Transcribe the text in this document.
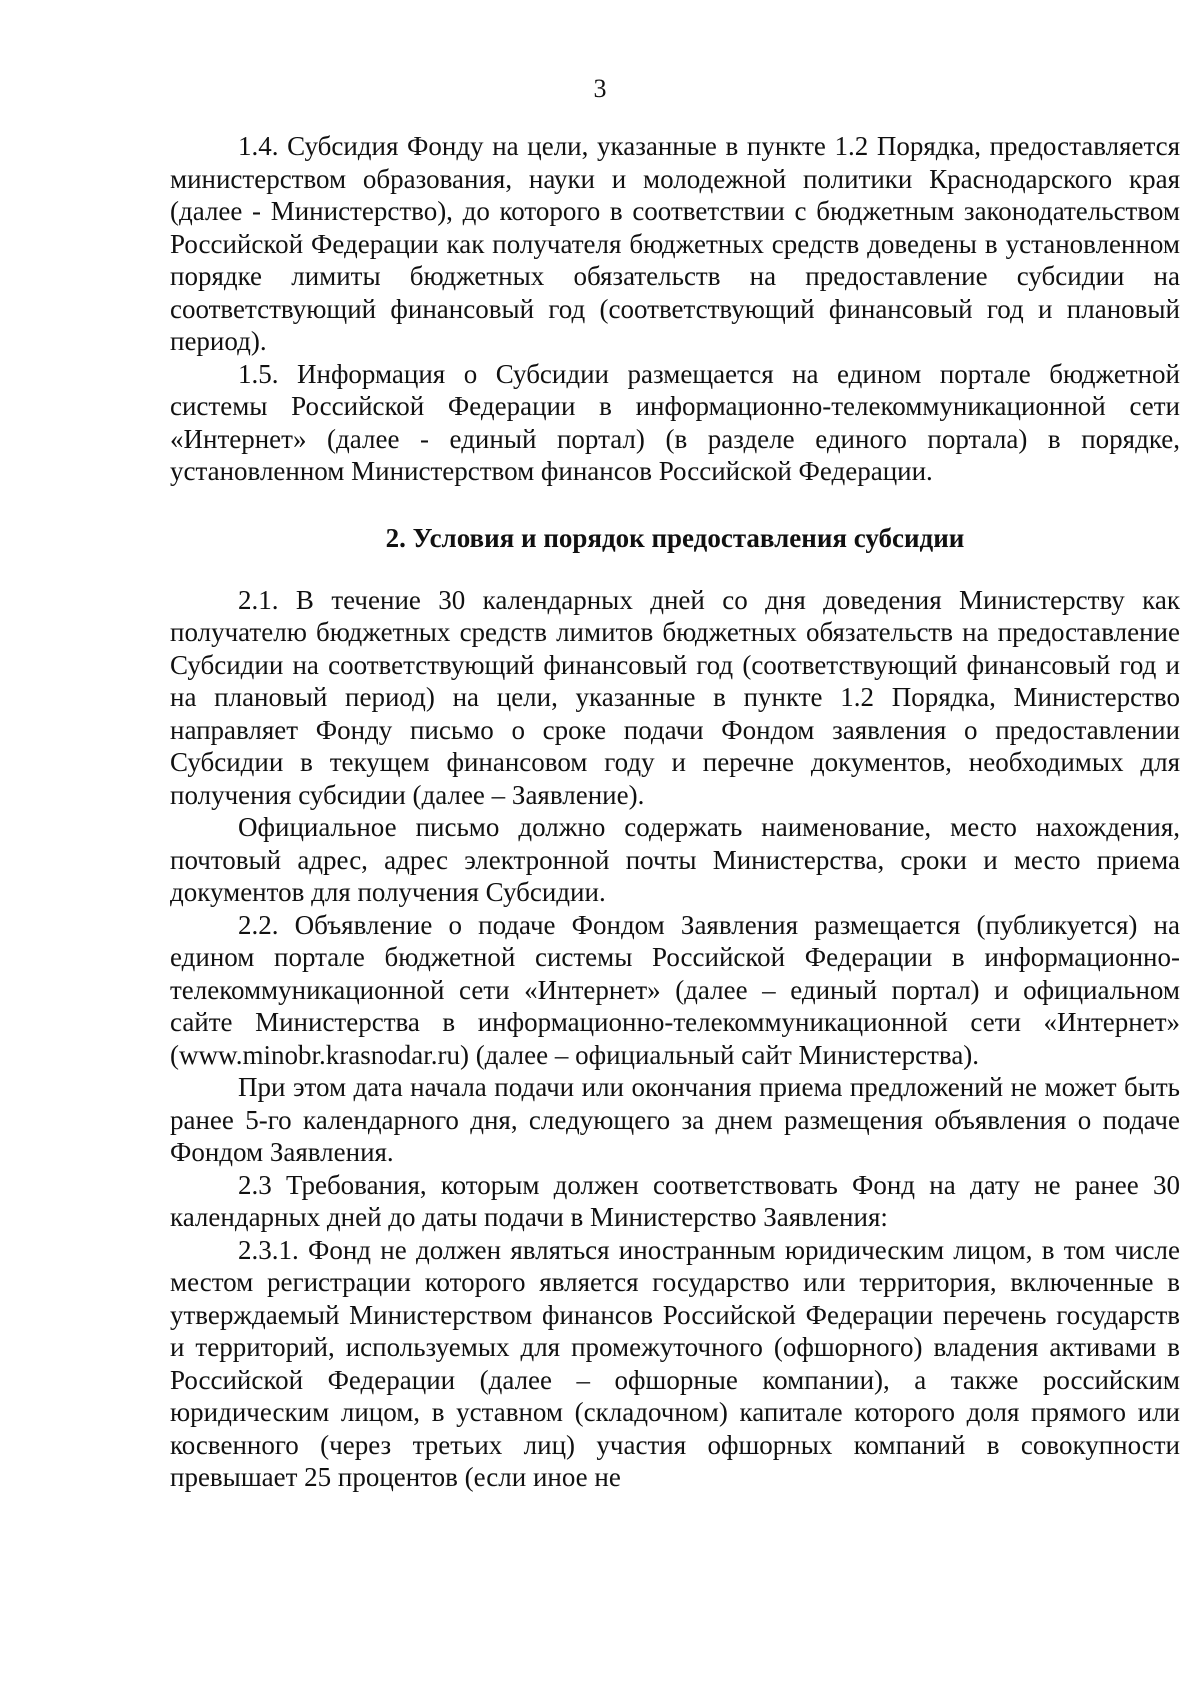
3

1.4. Субсидия Фонду на цели, указанные в пункте 1.2 Порядка, предоставляется министерством образования, науки и молодежной политики Краснодарского края (далее - Министерство), до которого в соответствии с бюджетным законодательством Российской Федерации как получателя бюджетных средств доведены в установленном порядке лимиты бюджетных обязательств на предоставление субсидии на соответствующий финансовый год (соответствующий финансовый год и плановый период).

1.5. Информация о Субсидии размещается на едином портале бюджетной системы Российской Федерации в информационно-телекоммуникационной сети «Интернет» (далее - единый портал) (в разделе единого портала) в порядке, установленном Министерством финансов Российской Федерации.

2. Условия и порядок предоставления субсидии

2.1. В течение 30 календарных дней со дня доведения Министерству как получателю бюджетных средств лимитов бюджетных обязательств на предоставление Субсидии на соответствующий финансовый год (соответствующий финансовый год и на плановый период) на цели, указанные в пункте 1.2 Порядка, Министерство направляет Фонду письмо о сроке подачи Фондом заявления о предоставлении Субсидии в текущем финансовом году и перечне документов, необходимых для получения субсидии (далее – Заявление).

Официальное письмо должно содержать наименование, место нахождения, почтовый адрес, адрес электронной почты Министерства, сроки и место приема документов для получения Субсидии.

2.2. Объявление о подаче Фондом Заявления размещается (публикуется) на едином портале бюджетной системы Российской Федерации в информационно-телекоммуникационной сети «Интернет» (далее – единый портал) и официальном сайте Министерства в информационно-телекоммуникационной сети «Интернет» (www.minobr.krasnodar.ru) (далее – официальный сайт Министерства).

При этом дата начала подачи или окончания приема предложений не может быть ранее 5-го календарного дня, следующего за днем размещения объявления о подаче Фондом Заявления.

2.3 Требования, которым должен соответствовать Фонд на дату не ранее 30 календарных дней до даты подачи в Министерство Заявления:

2.3.1. Фонд не должен являться иностранным юридическим лицом, в том числе местом регистрации которого является государство или территория, включенные в утверждаемый Министерством финансов Российской Федерации перечень государств и территорий, используемых для промежуточного (офшорного) владения активами в Российской Федерации (далее – офшорные компании), а также российским юридическим лицом, в уставном (складочном) капитале которого доля прямого или косвенного (через третьих лиц) участия офшорных компаний в совокупности превышает 25 процентов (если иное не
